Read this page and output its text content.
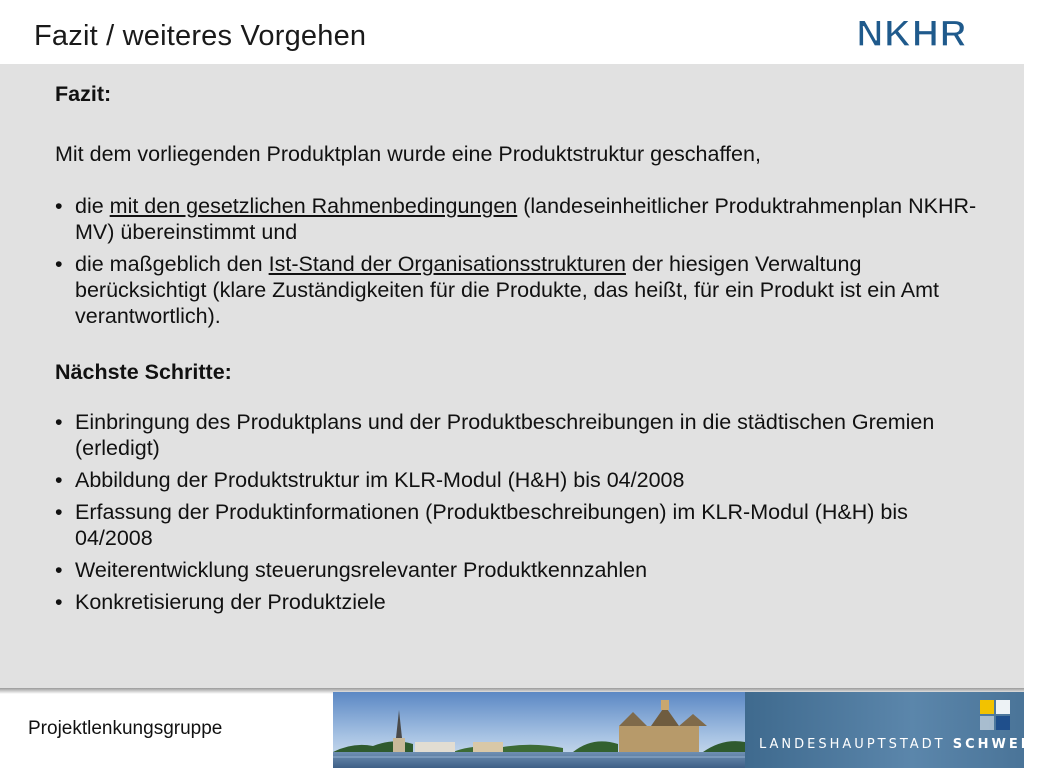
Fazit / weiteres Vorgehen	NKHR

Fazit:

Mit dem vorliegenden Produktplan wurde eine Produktstruktur geschaffen,

• die mit den gesetzlichen Rahmenbedingungen (landeseinheitlicher Produktrahmenplan NKHR-MV) übereinstimmt und
• die maßgeblich den Ist-Stand der Organisationsstrukturen der hiesigen Verwaltung berücksichtigt (klare Zuständigkeiten für die Produkte, das heißt, für ein Produkt ist ein Amt verantwortlich).

Nächste Schritte:

• Einbringung des Produktplans und der Produktbeschreibungen in die städtischen Gremien (erledigt)
• Abbildung der Produktstruktur im KLR-Modul (H&H) bis 04/2008
• Erfassung der Produktinformationen (Produktbeschreibungen) im KLR-Modul (H&H) bis 04/2008
• Weiterentwicklung steuerungsrelevanter Produktkennzahlen
• Konkretisierung der Produktziele
Projektlenkungsgruppe
LANDESHAUPTSTADT SCHWERIN
